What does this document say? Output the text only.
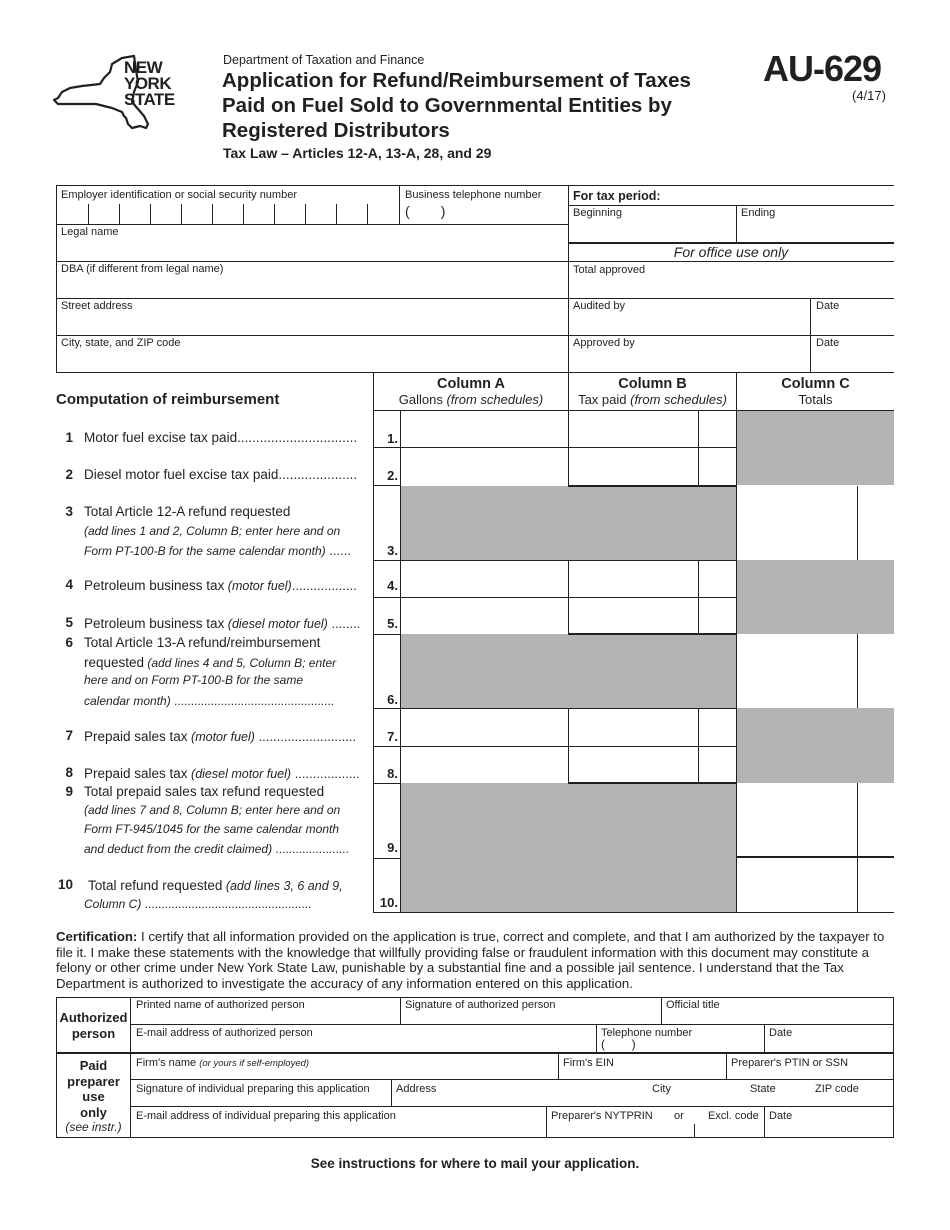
NEW
YORK
STATE
Department of Taxation and Finance
Application for Refund/Reimbursement of Taxes
Paid on Fuel Sold to Governmental Entities by
Registered Distributors
Tax Law – Articles 12-A, 13-A, 28, and 29
AU-629
(4/17)
Employer identification or social security number	Business telephone number
(        )
Legal name
DBA (if different from legal name)
Street address
City, state, and ZIP code
For tax period:
Beginning	Ending
For office use only
Total approved
Audited by	Date
Approved by	Date
Computation of reimbursement
Column A
Gallons (from schedules)
Column B
Tax paid (from schedules)
Column C
Totals
1 Motor fuel excise tax paid................................	1.
2 Diesel motor fuel excise tax paid.....................	2.
3 Total Article 12-A refund requested
(add lines 1 and 2, Column B; enter here and on
Form PT-100-B for the same calendar month) ......	3.
4 Petroleum business tax (motor fuel)..................	4.
5 Petroleum business tax (diesel motor fuel) ........	5.
6 Total Article 13-A refund/reimbursement
requested (add lines 4 and 5, Column B; enter
here and on Form PT-100-B for the same
calendar month) ................................................	6.
7 Prepaid sales tax (motor fuel) ...........................	7.
8 Prepaid sales tax (diesel motor fuel) ..................	8.
9 Total prepaid sales tax refund requested
(add lines 7 and 8, Column B; enter here and on
Form FT-945/1045 for the same calendar month
and deduct from the credit claimed) ......................	9.
10 Total refund requested (add lines 3, 6 and 9,
Column C) ..................................................	10.
Certification: I certify that all information provided on the application is true, correct and complete, and that I am authorized by the taxpayer to file it. I make these statements with the knowledge that willfully providing false or fraudulent information with this document may constitute a felony or other crime under New York State Law, punishable by a substantial fine and a possible jail sentence. I understand that the Tax Department is authorized to investigate the accuracy of any information entered on this application.
Authorized
person
Printed name of authorized person	Signature of authorized person	Official title
E-mail address of authorized person	Telephone number
(        )
Date
Paid
preparer
use
only
(see instr.)
Firm's name (or yours if self-employed)	Firm's EIN	Preparer's PTIN or SSN
Signature of individual preparing this application Address	City	State	ZIP code
E-mail address of individual preparing this application	Preparer's NYTPRIN or Excl. code Date
See instructions for where to mail your application.
